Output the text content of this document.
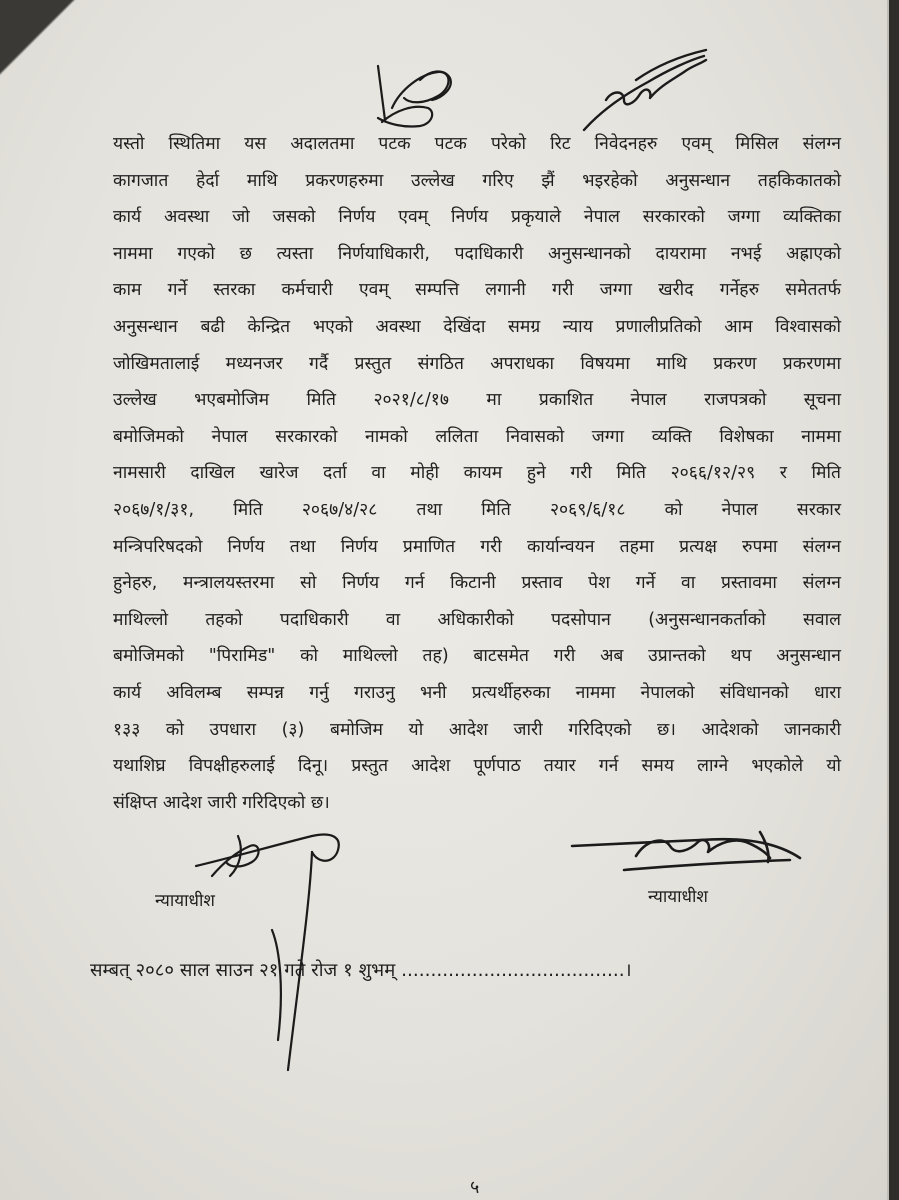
यस्तो स्थितिमा यस अदालतमा पटक पटक परेको रिट निवेदनहरु एवम् मिसिल संलग्न
कागजात हेर्दा माथि प्रकरणहरुमा उल्लेख गरिए झैं भइरहेको अनुसन्धान तहकिकातको
कार्य अवस्था जो जसको निर्णय एवम् निर्णय प्रकृयाले नेपाल सरकारको जग्गा व्यक्तिका
नाममा गएको छ त्यस्ता निर्णयाधिकारी, पदाधिकारी अनुसन्धानको दायरामा नभई अह्राएको
काम गर्ने स्तरका कर्मचारी एवम् सम्पत्ति लगानी गरी जग्गा खरीद गर्नेहरु समेततर्फ
अनुसन्धान बढी केन्द्रित भएको अवस्था देखिंदा समग्र न्याय प्रणालीप्रतिको आम विश्वासको
जोखिमतालाई मध्यनजर गर्दै प्रस्तुत संगठित अपराधका विषयमा माथि प्रकरण प्रकरणमा
उल्लेख भएबमोजिम मिति २०२१/८/१७ मा प्रकाशित नेपाल राजपत्रको सूचना
बमोजिमको नेपाल सरकारको नामको ललिता निवासको जग्गा व्यक्ति विशेषका नाममा
नामसारी दाखिल खारेज दर्ता वा मोही कायम हुने गरी मिति २०६६/१२/२९ र मिति
२०६७/१/३१, मिति २०६७/४/२८ तथा मिति २०६९/६/१८ को नेपाल सरकार
मन्त्रिपरिषदको निर्णय तथा निर्णय प्रमाणित गरी कार्यान्वयन तहमा प्रत्यक्ष रुपमा संलग्न
हुनेहरु, मन्त्रालयस्तरमा सो निर्णय गर्न किटानी प्रस्ताव पेश गर्ने वा प्रस्तावमा संलग्न
माथिल्लो तहको पदाधिकारी वा अधिकारीको पदसोपान (अनुसन्धानकर्ताको सवाल
बमोजिमको "पिरामिड" को माथिल्लो तह) बाटसमेत गरी अब उप्रान्तको थप अनुसन्धान
कार्य अविलम्ब सम्पन्न गर्नु गराउनु भनी प्रत्यर्थीहरुका नाममा नेपालको संविधानको धारा
१३३ को उपधारा (३) बमोजिम यो आदेश जारी गरिदिएको छ। आदेशको जानकारी
यथाशिघ्र विपक्षीहरुलाई दिनू। प्रस्तुत आदेश पूर्णपाठ तयार गर्न समय लाग्ने भएकोले यो
संक्षिप्त आदेश जारी गरिदिएको छ।
न्यायाधीश	न्यायाधीश
सम्बत् २०८० साल साउन २१ गते रोज १ शुभम् ......................................।
५
